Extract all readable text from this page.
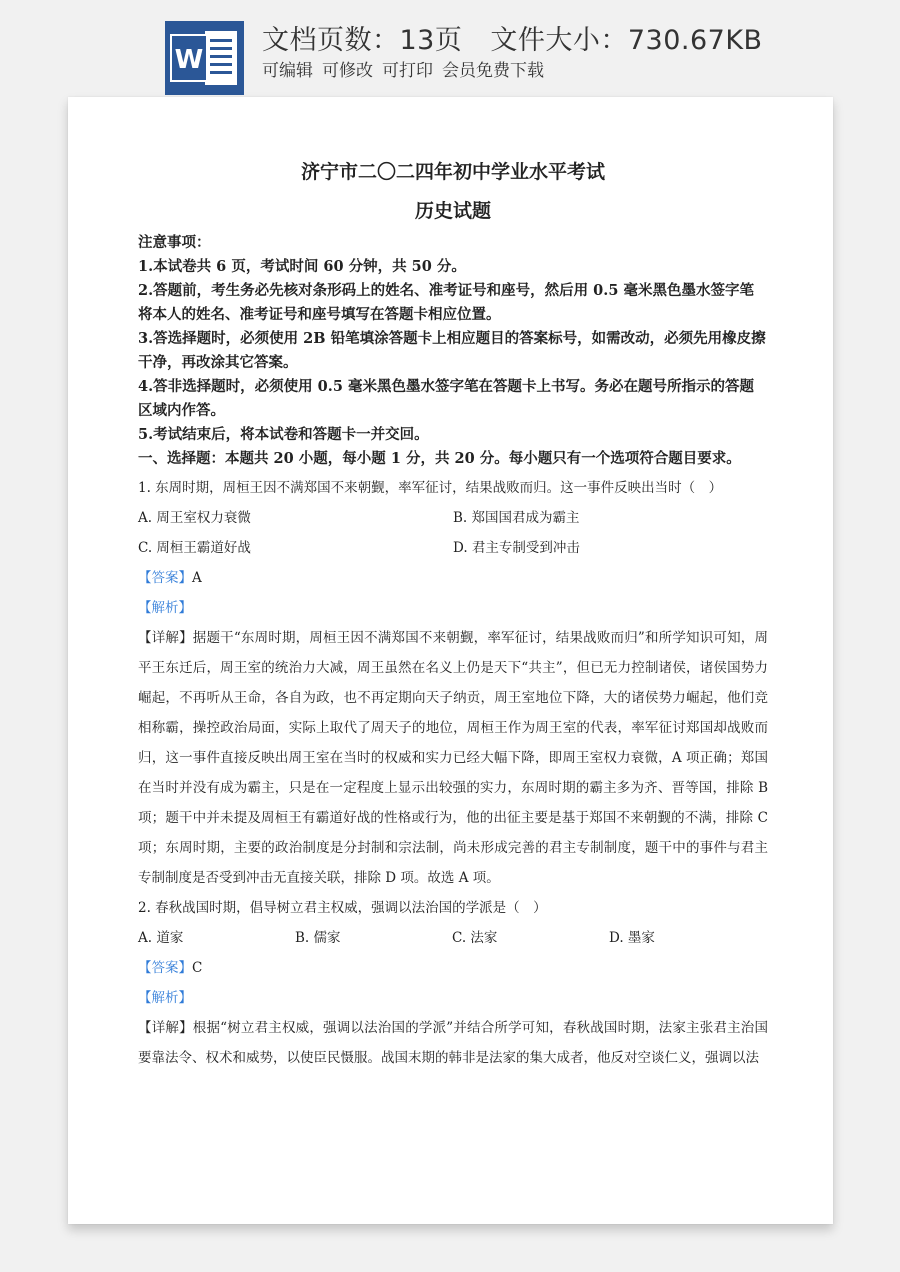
W
文档页数：13页 文件大小：730.67KB
可编辑 可修改 可打印 会员免费下载
济宁市二〇二四年初中学业水平考试
历史试题

注意事项：

1.本试卷共 6 页，考试时间 60 分钟，共 50 分。

2.答题前，考生务必先核对条形码上的姓名、准考证号和座号，然后用 0.5 毫米黑色墨水签字笔将本人的姓名、准考证号和座号填写在答题卡相应位置。

3.答选择题时，必须使用 2B 铅笔填涂答题卡上相应题目的答案标号，如需改动，必须先用橡皮擦干净，再改涂其它答案。

4.答非选择题时，必须使用 0.5 毫米黑色墨水签字笔在答题卡上书写。务必在题号所指示的答题区域内作答。

5.考试结束后，将本试卷和答题卡一并交回。

一、选择题：本题共 20 小题，每小题 1 分，共 20 分。每小题只有一个选项符合题目要求。

1. 东周时期，周桓王因不满郑国不来朝觐，率军征讨，结果战败而归。这一事件反映出当时（　）

A. 周王室权力衰微	B. 郑国国君成为霸主
C. 周桓王霸道好战	D. 君主专制受到冲击

【答案】A

【解析】

【详解】据题干“东周时期，周桓王因不满郑国不来朝觐，率军征讨，结果战败而归”和所学知识可知，周平王东迁后，周王室的统治力大减，周王虽然在名义上仍是天下“共主”，但已无力控制诸侯，诸侯国势力崛起，不再听从王命，各自为政，也不再定期向天子纳贡，周王室地位下降，大的诸侯势力崛起，他们竞相称霸，操控政治局面，实际上取代了周天子的地位，周桓王作为周王室的代表，率军征讨郑国却战败而归，这一事件直接反映出周王室在当时的权威和实力已经大幅下降，即周王室权力衰微，A 项正确；郑国在当时并没有成为霸主，只是在一定程度上显示出较强的实力，东周时期的霸主多为齐、晋等国，排除 B 项；题干中并未提及周桓王有霸道好战的性格或行为，他的出征主要是基于郑国不来朝觐的不满，排除 C 项；东周时期，主要的政治制度是分封制和宗法制，尚未形成完善的君主专制制度，题干中的事件与君主专制制度是否受到冲击无直接关联，排除 D 项。故选 A 项。

2. 春秋战国时期，倡导树立君主权威，强调以法治国的学派是（　）

A. 道家	B. 儒家	C. 法家	D. 墨家

【答案】C

【解析】

【详解】根据“树立君主权威，强调以法治国的学派”并结合所学可知，春秋战国时期，法家主张君主治国要靠法令、权术和威势，以使臣民慑服。战国末期的韩非是法家的集大成者，他反对空谈仁义，强调以法
